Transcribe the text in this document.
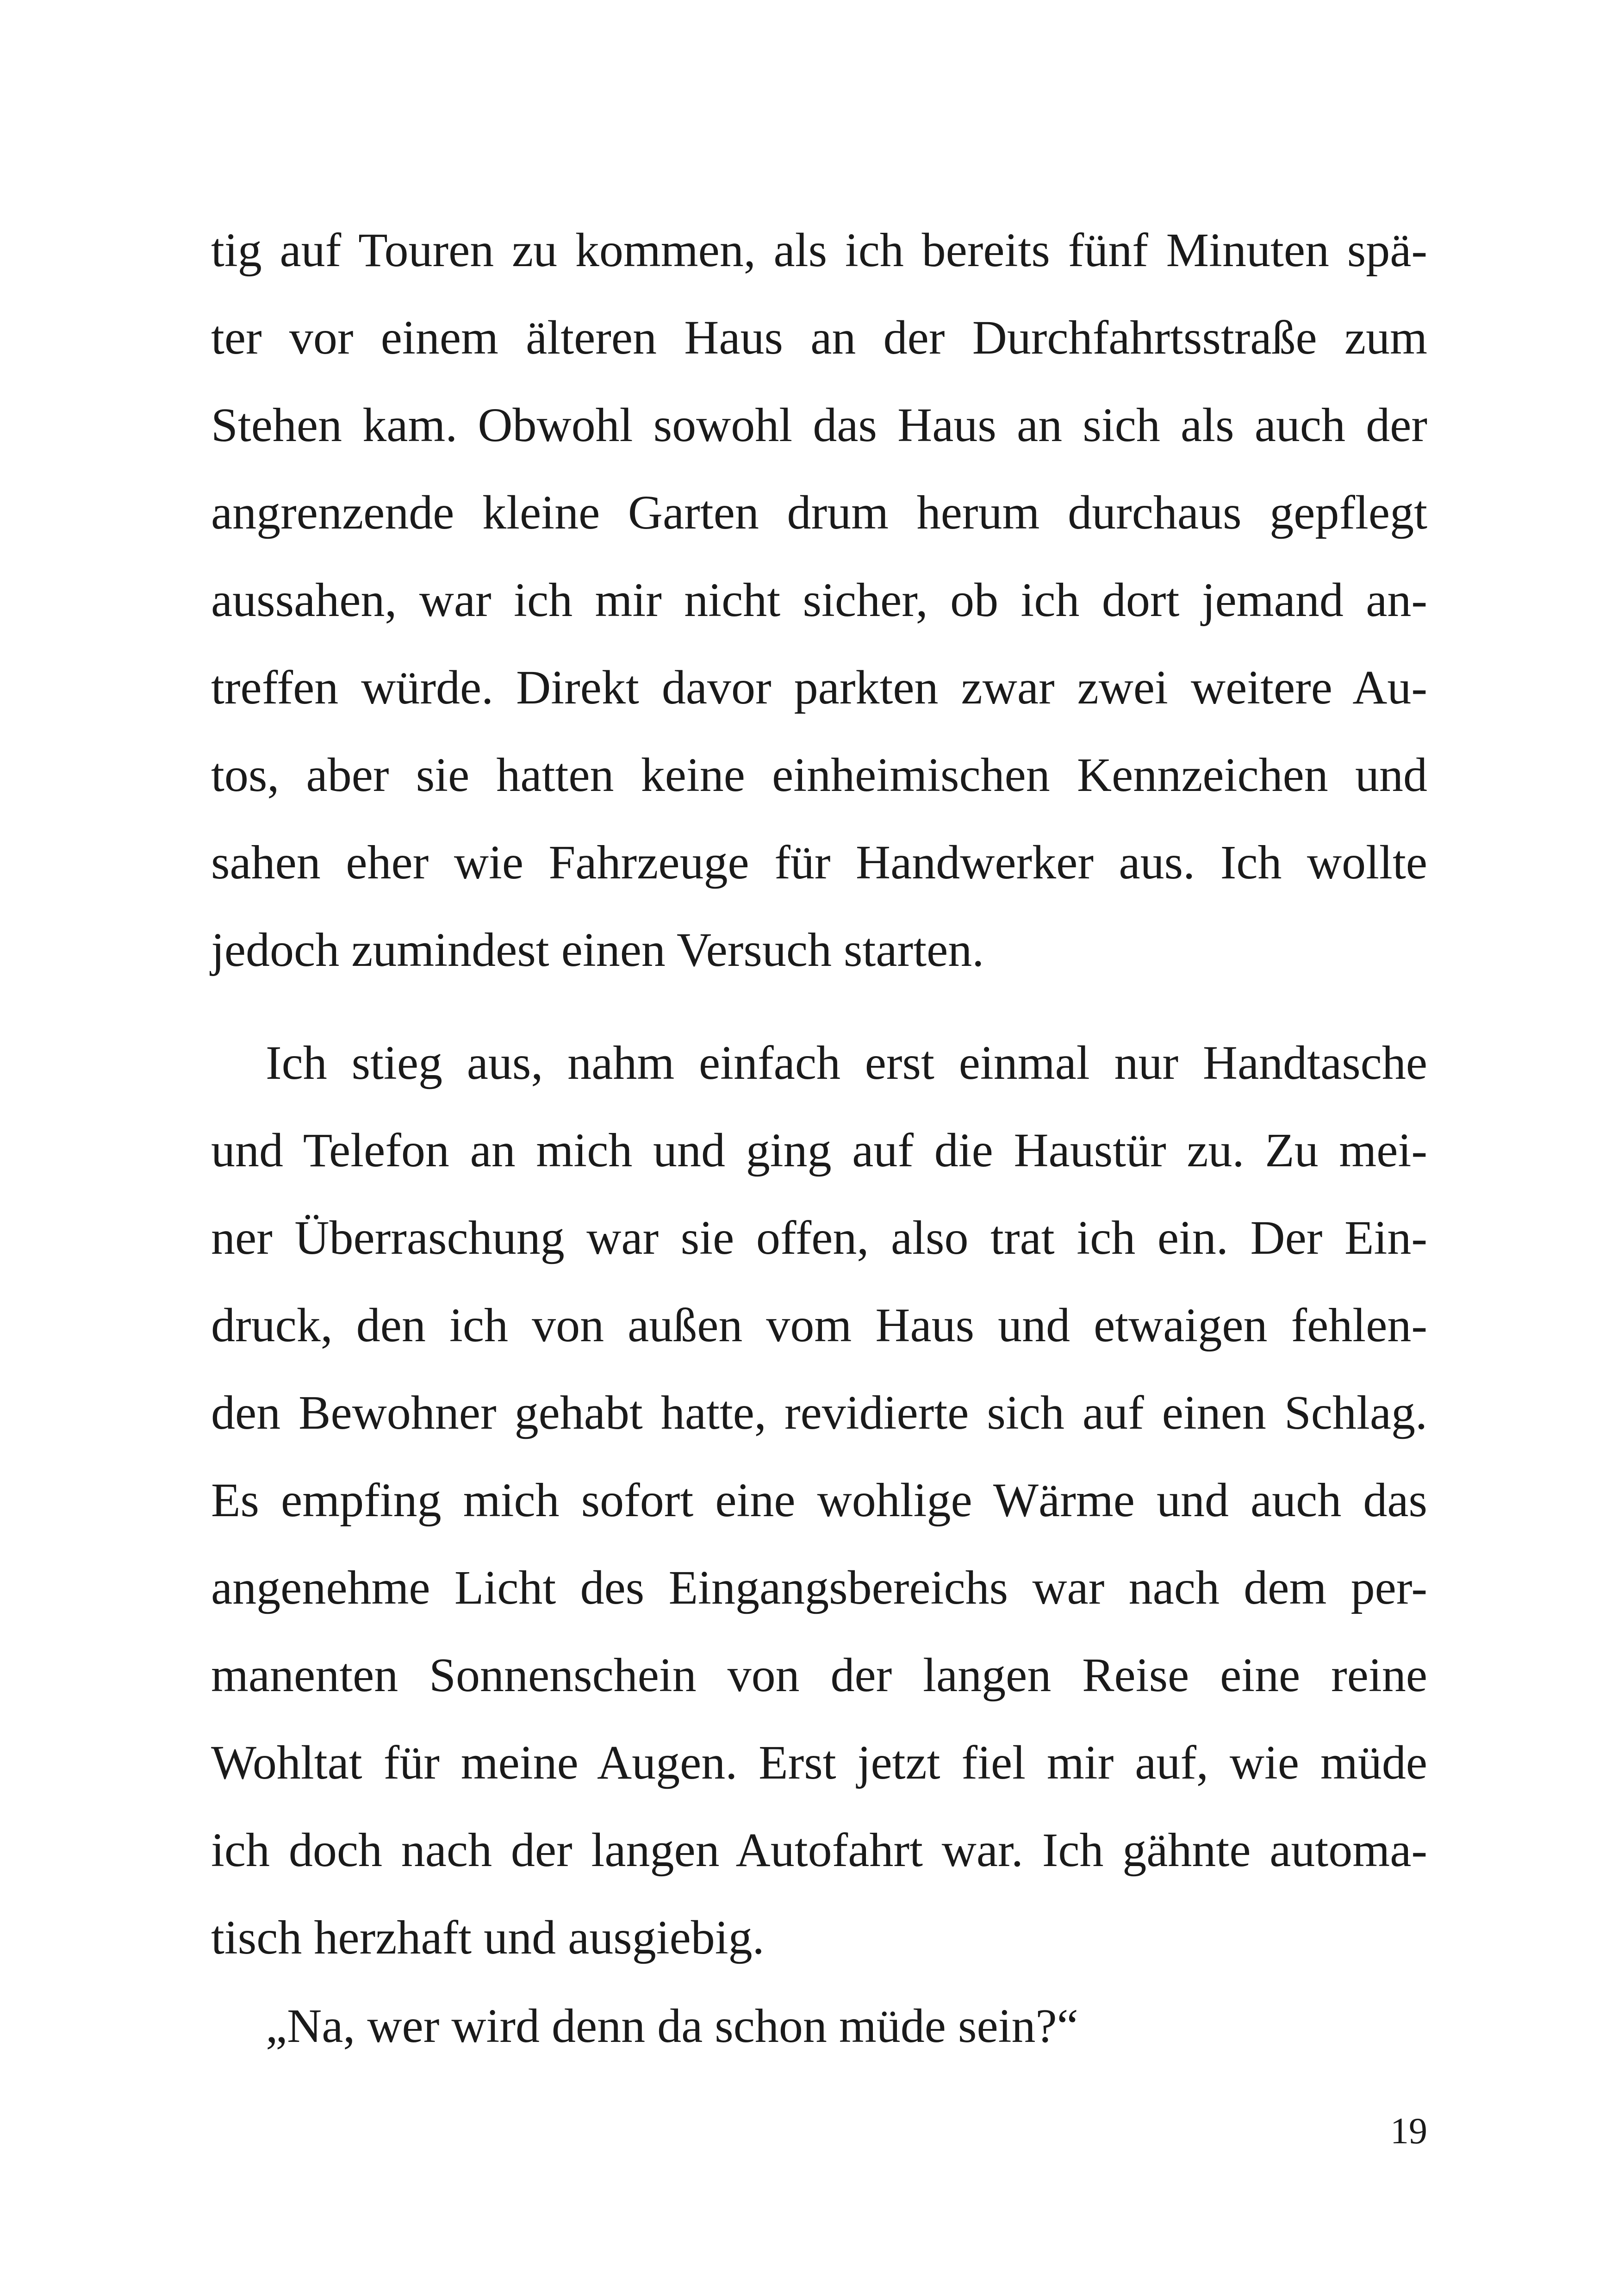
tig auf Touren zu kommen, als ich bereits fünf Minuten spä-
ter vor einem älteren Haus an der Durchfahrtsstraße zum
Stehen kam. Obwohl sowohl das Haus an sich als auch der
angrenzende kleine Garten drum herum durchaus gepflegt
aussahen, war ich mir nicht sicher, ob ich dort jemand an-
treffen würde. Direkt davor parkten zwar zwei weitere Au-
tos, aber sie hatten keine einheimischen Kennzeichen und
sahen eher wie Fahrzeuge für Handwerker aus. Ich wollte
jedoch zumindest einen Versuch starten.
Ich stieg aus, nahm einfach erst einmal nur Handtasche
und Telefon an mich und ging auf die Haustür zu. Zu mei-
ner Überraschung war sie offen, also trat ich ein. Der Ein-
druck, den ich von außen vom Haus und etwaigen fehlen-
den Bewohner gehabt hatte, revidierte sich auf einen Schlag.
Es empfing mich sofort eine wohlige Wärme und auch das
angenehme Licht des Eingangsbereichs war nach dem per-
manenten Sonnenschein von der langen Reise eine reine
Wohltat für meine Augen. Erst jetzt fiel mir auf, wie müde
ich doch nach der langen Autofahrt war. Ich gähnte automa-
tisch herzhaft und ausgiebig.
„Na, wer wird denn da schon müde sein?“
19
